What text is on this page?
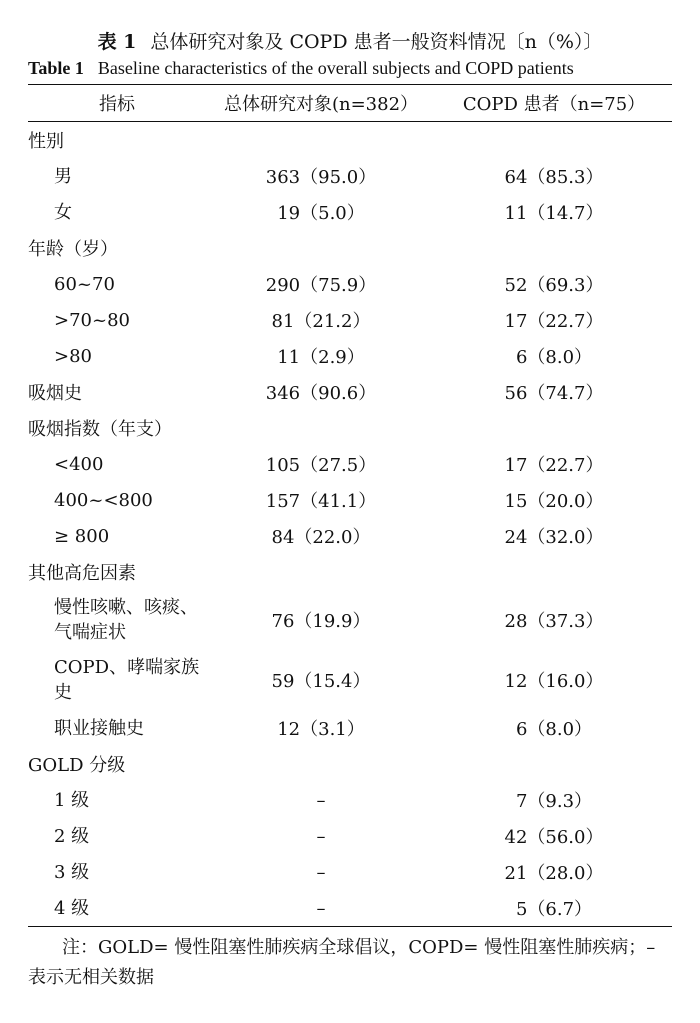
表 1 总体研究对象及 COPD 患者一般资料情况〔n（%）〕
Table 1 Baseline characteristics of the overall subjects and COPD patients
指标	总体研究对象(n=382）	COPD 患者（n=75）
性别		
男	363（95.0）	64（85.3）
女	19（5.0）	11（14.7）
年龄（岁）		
60~70	290（75.9）	52（69.3）
>70~80	81（21.2）	17（22.7）
>80	11（2.9）	6（8.0）
吸烟史	346（90.6）	56（74.7）
吸烟指数（年支）		
<400	105（27.5）	17（22.7）
400~<800	157（41.1）	15（20.0）
≥ 800	84（22.0）	24（32.0）
其他高危因素		
慢性咳嗽、咳痰、气喘症状	76（19.9）	28（37.3）
COPD、哮喘家族史	59（15.4）	12（16.0）
职业接触史	12（3.1）	6（8.0）
GOLD 分级		
1 级	–	7（9.3）
2 级	–	42（56.0）
3 级	–	21（28.0）
4 级	–	5（6.7）
注：GOLD= 慢性阻塞性肺疾病全球倡议，COPD= 慢性阻塞性肺疾病；– 表示无相关数据
